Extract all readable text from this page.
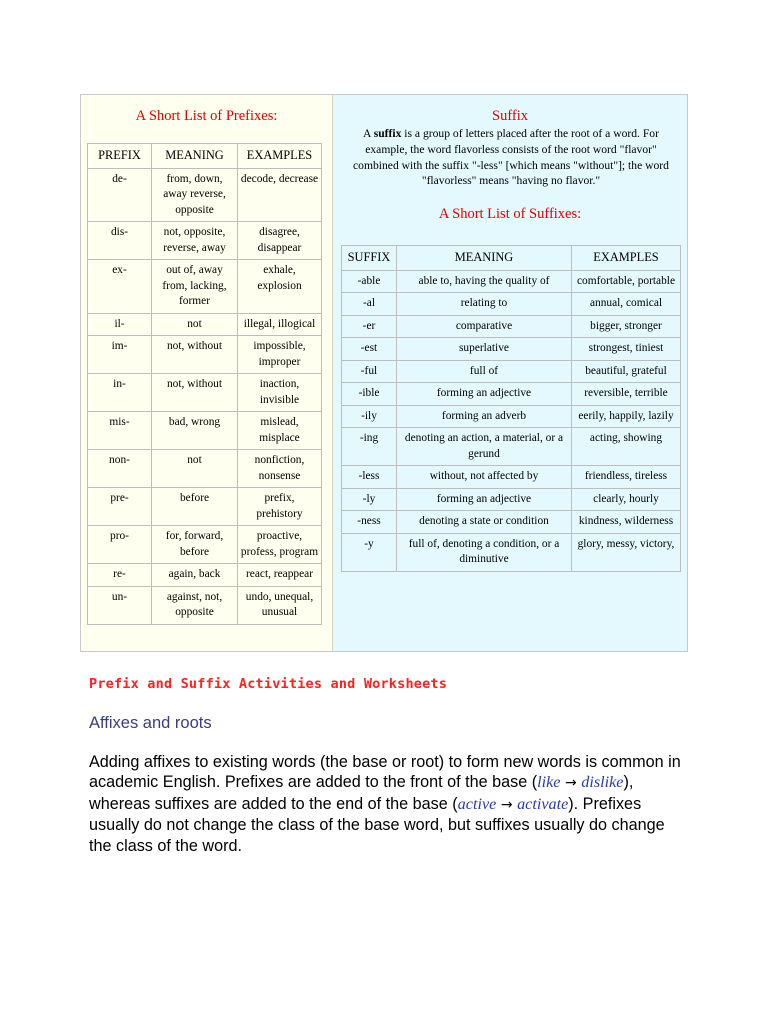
A Short List of Prefixes:
PREFIX	MEANING	EXAMPLES
de-	from, down, away reverse, opposite	decode, decrease
dis-	not, opposite, reverse, away	disagree, disappear
ex-	out of, away from, lacking, former	exhale, explosion
il-	not	illegal, illogical
im-	not, without	impossible, improper
in-	not, without	inaction, invisible
mis-	bad, wrong	mislead, misplace
non-	not	nonfiction, nonsense
pre-	before	prefix, prehistory
pro-	for, forward, before	proactive, profess, program
re-	again, back	react, reappear
un-	against, not, opposite	undo, unequal, unusual
Suffix
A suffix is a group of letters placed after the root of a word. For example, the word flavorless consists of the root word "flavor" combined with the suffix "-less" [which means "without"]; the word "flavorless" means "having no flavor."
A Short List of Suffixes:
SUFFIX	MEANING	EXAMPLES
-able	able to, having the quality of	comfortable, portable
-al	relating to	annual, comical
-er	comparative	bigger, stronger
-est	superlative	strongest, tiniest
-ful	full of	beautiful, grateful
-ible	forming an adjective	reversible, terrible
-ily	forming an adverb	eerily, happily, lazily
-ing	denoting an action, a material, or a gerund	acting, showing
-less	without, not affected by	friendless, tireless
-ly	forming an adjective	clearly, hourly
-ness	denoting a state or condition	kindness, wilderness
-y	full of, denoting a condition, or a diminutive	glory, messy, victory,
Prefix and Suffix Activities and Worksheets
Affixes and roots
Adding affixes to existing words (the base or root) to form new words is common in academic English. Prefixes are added to the front of the base (like → dislike), whereas suffixes are added to the end of the base (active → activate). Prefixes usually do not change the class of the base word, but suffixes usually do change the class of the word.
